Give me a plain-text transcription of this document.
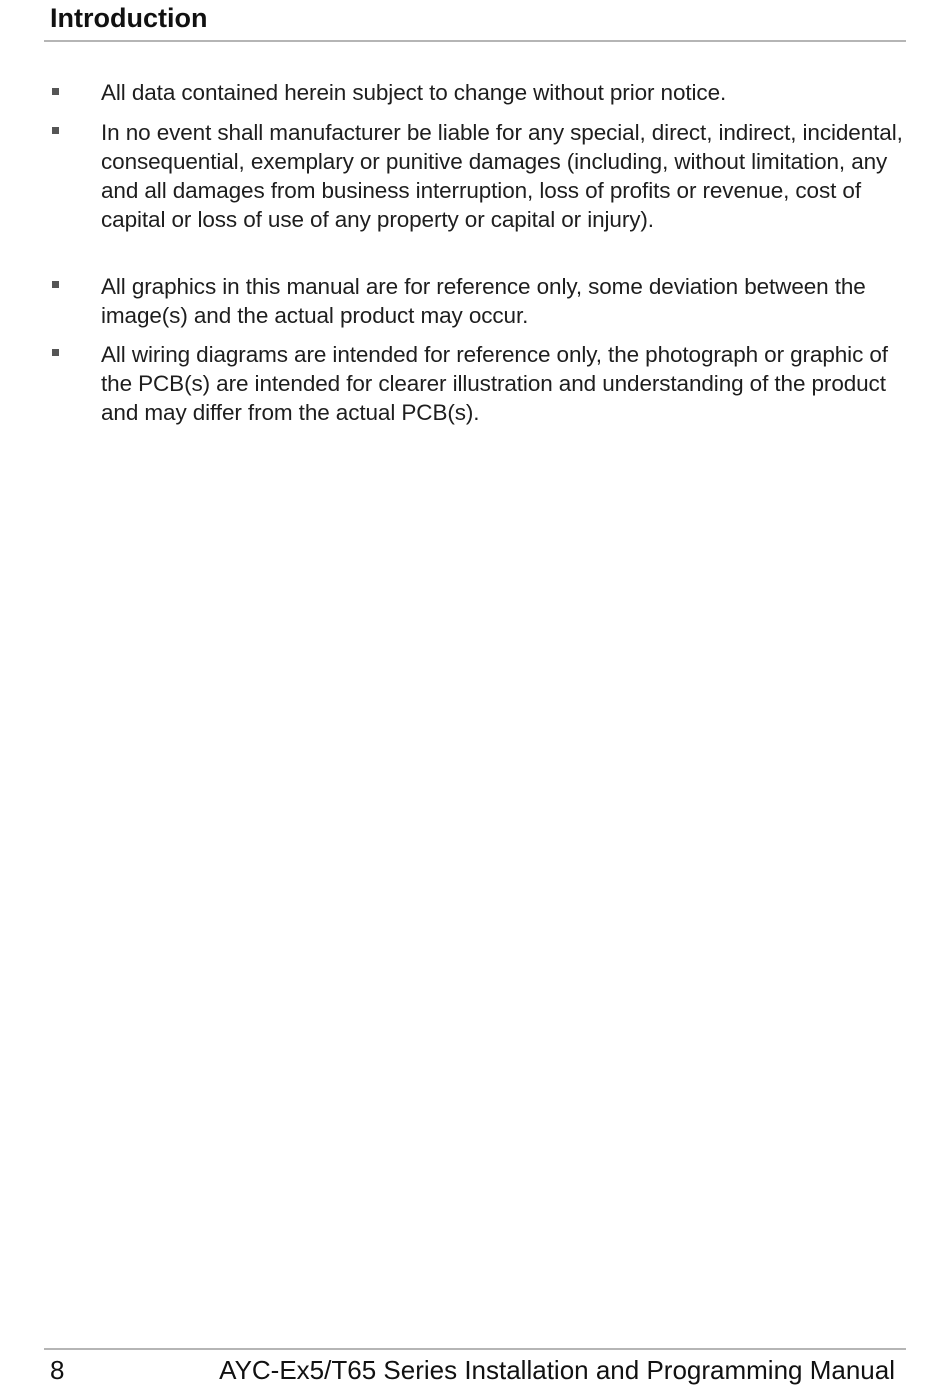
Introduction
All data contained herein subject to change without prior notice.
In no event shall manufacturer be liable for any special, direct, indirect, incidental, consequential, exemplary or punitive damages (including, without limitation, any and all damages from business interruption, loss of profits or revenue, cost of capital or loss of use of any property or capital or injury).
All graphics in this manual are for reference only, some deviation between the image(s) and the actual product may occur.
All wiring diagrams are intended for reference only, the photograph or graphic of the PCB(s) are intended for clearer illustration and understanding of the product and may differ from the actual PCB(s).
8	AYC-Ex5/T65 Series Installation and Programming Manual
